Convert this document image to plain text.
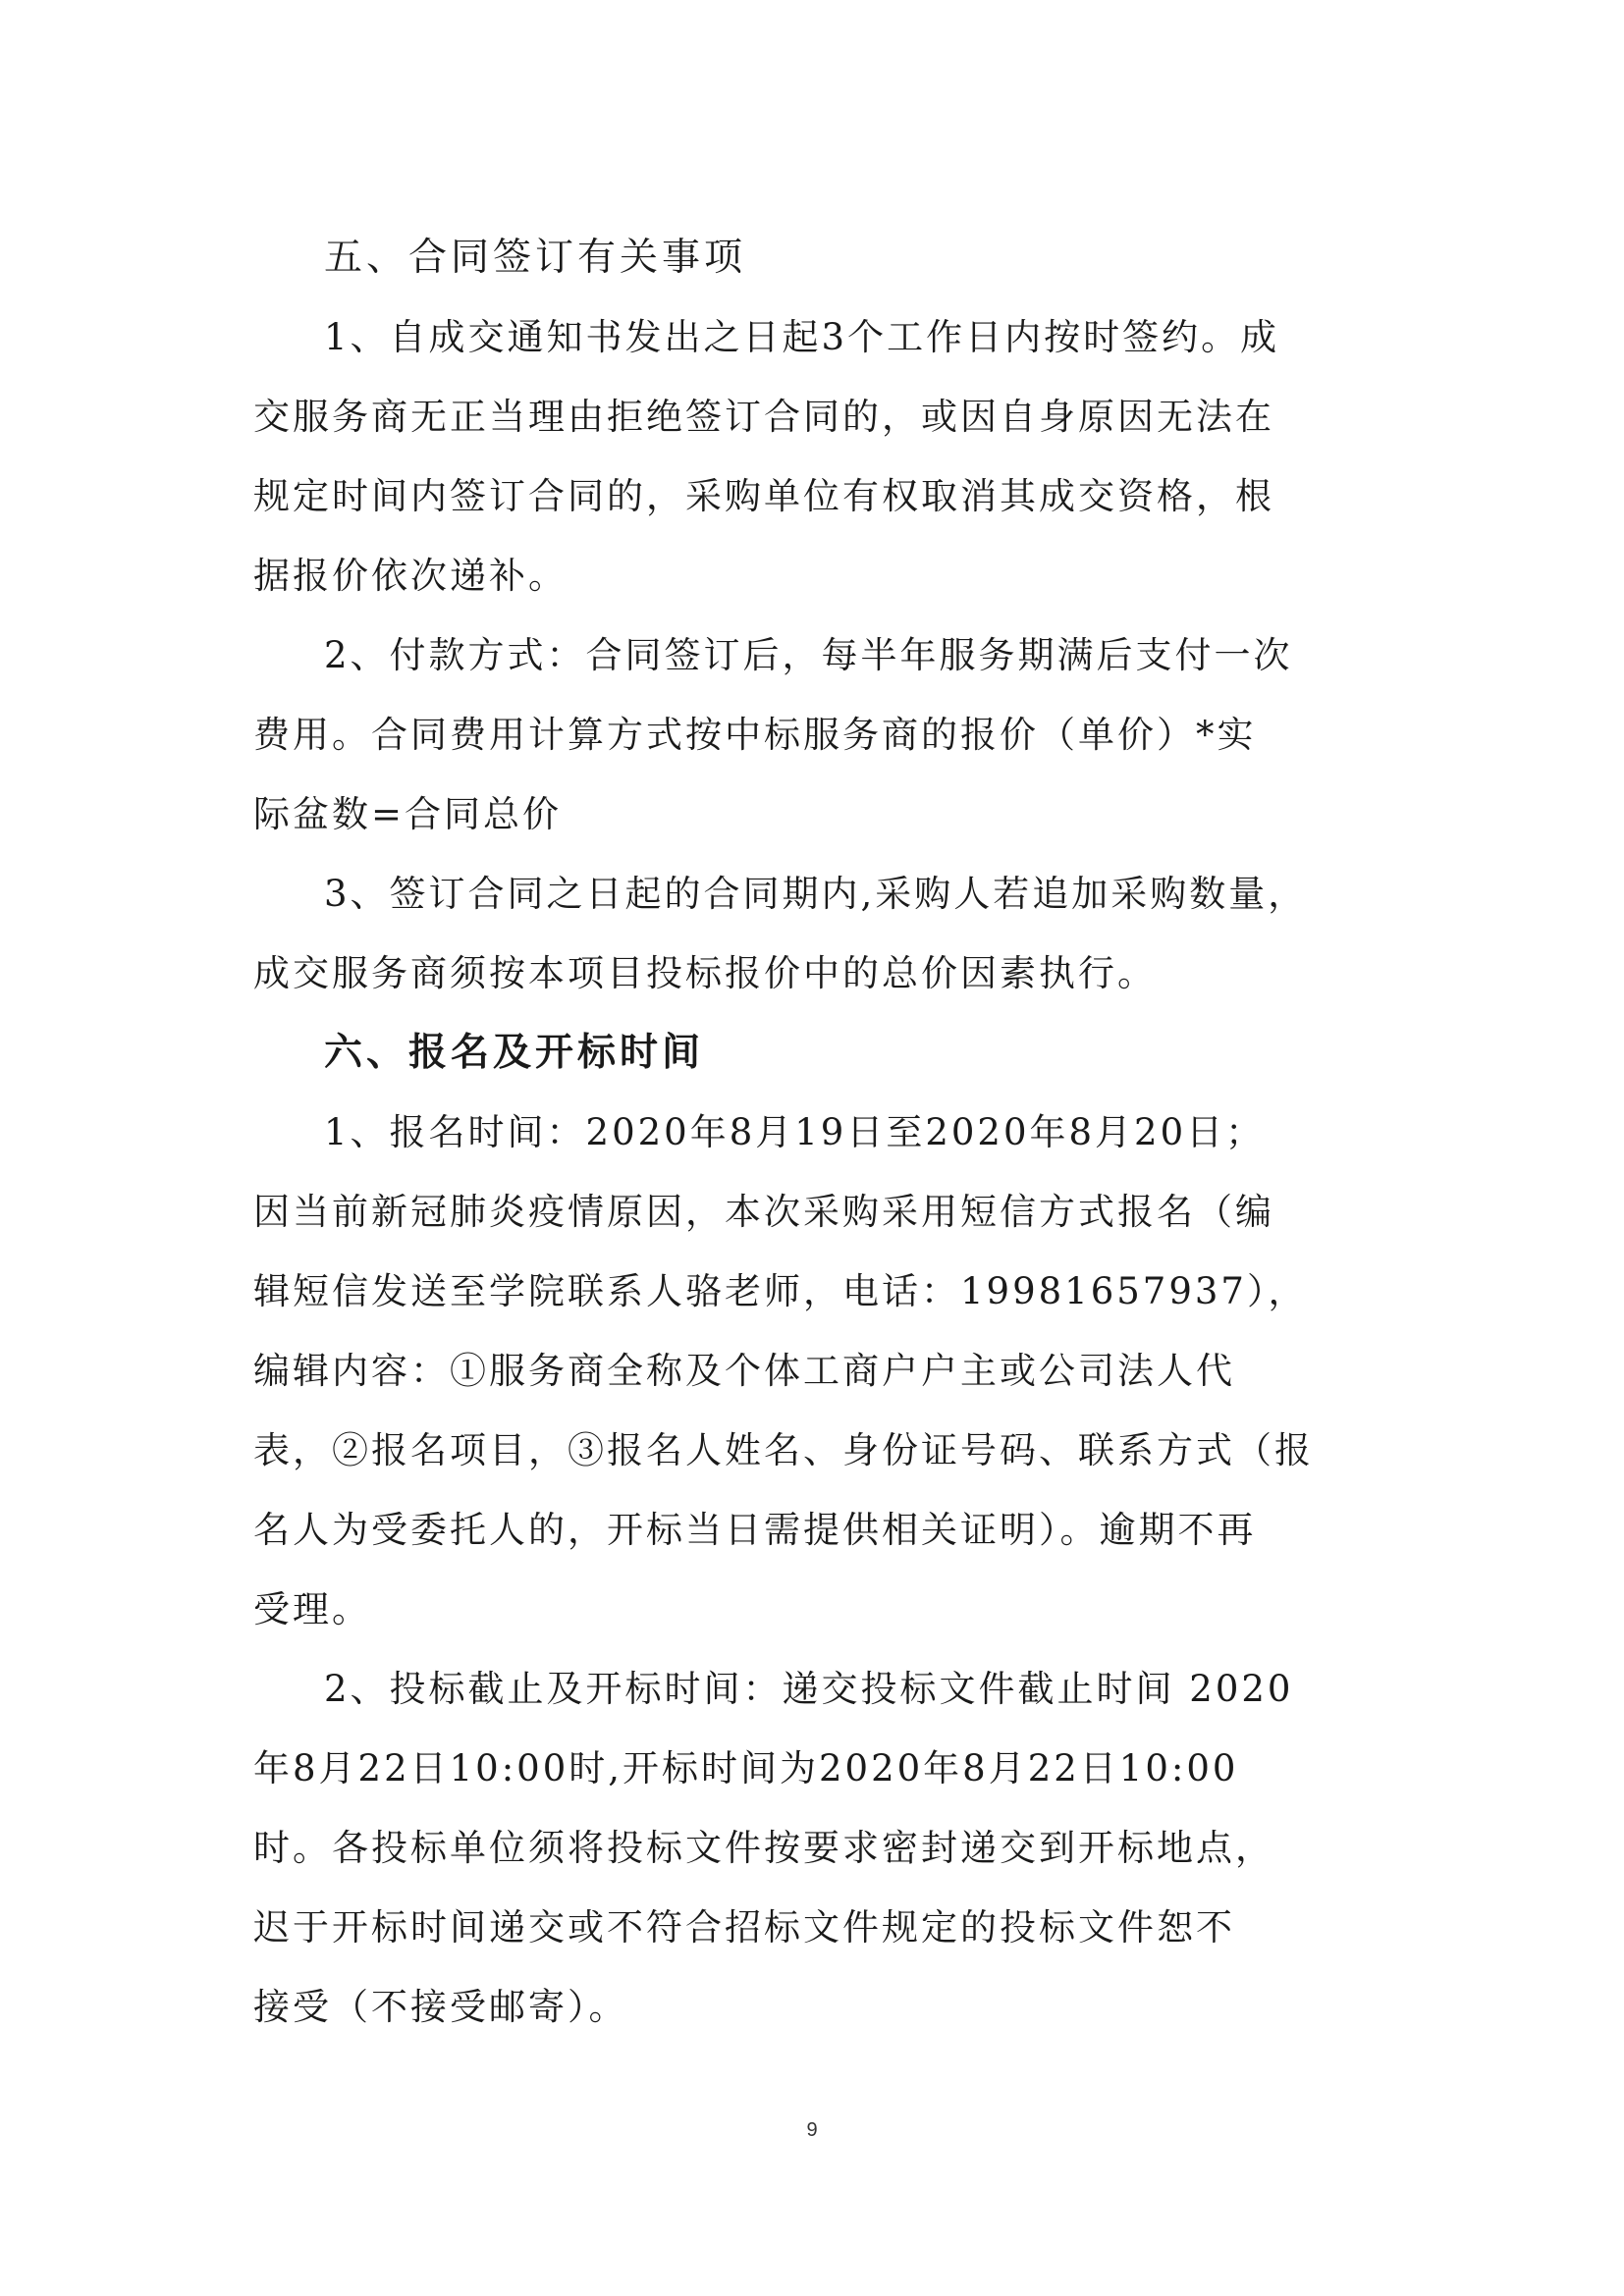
五、合同签订有关事项

1、自成交通知书发出之日起3个工作日内按时签约。成
交服务商无正当理由拒绝签订合同的，或因自身原因无法在
规定时间内签订合同的，采购单位有权取消其成交资格，根
据报价依次递补。
2、付款方式：合同签订后，每半年服务期满后支付一次
费用。合同费用计算方式按中标服务商的报价（单价）*实
际盆数=合同总价
3、签订合同之日起的合同期内,采购人若追加采购数量，
成交服务商须按本项目投标报价中的总价因素执行。

六、报名及开标时间

1、报名时间：2020年8月19日至2020年8月20日；
因当前新冠肺炎疫情原因，本次采购采用短信方式报名（编
辑短信发送至学院联系人骆老师，电话：19981657937），
编辑内容：①服务商全称及个体工商户户主或公司法人代
表，②报名项目，③报名人姓名、身份证号码、联系方式（报
名人为受委托人的，开标当日需提供相关证明）。逾期不再
受理。
2、投标截止及开标时间：递交投标文件截止时间 2020
年8月22日10:00时,开标时间为2020年8月22日10:00
时。各投标单位须将投标文件按要求密封递交到开标地点，
迟于开标时间递交或不符合招标文件规定的投标文件恕不
接受（不接受邮寄）。
9
